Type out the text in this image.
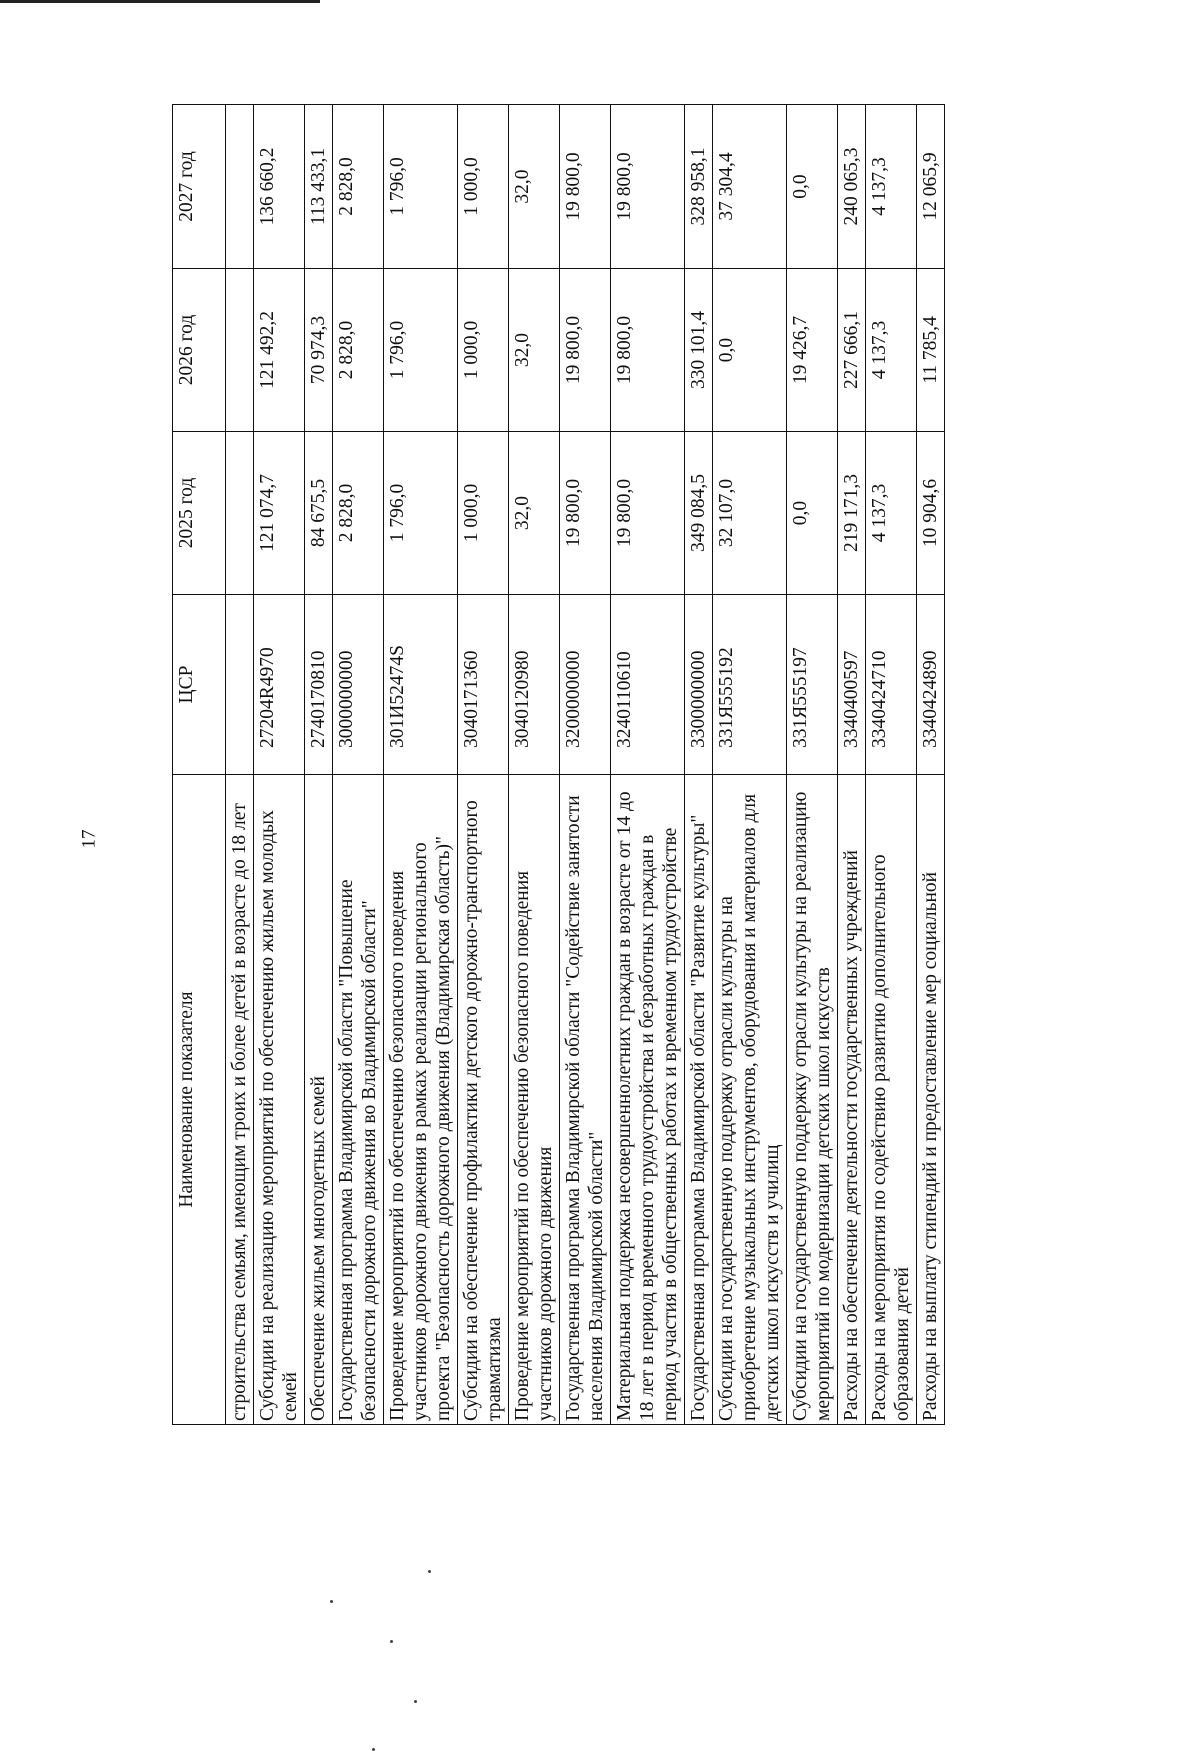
17
Наименование показателя	ЦСР	2025 год	2026 год	2027 год
строительства семьям, имеющим троих и более детей в возрасте до 18 лет				
Субсидии на реализацию мероприятий по обеспечению жильем молодых семей	27204R4970	121 074,7	121 492,2	136 660,2
Обеспечение жильем многодетных семей	2740170810	84 675,5	70 974,3	113 433,1
Государственная программа Владимирской области "Повышение безопасности дорожного движения во Владимирской области"	3000000000	2 828,0	2 828,0	2 828,0
Проведение мероприятий по обеспечению безопасного поведения участников дорожного движения в рамках реализации регионального проекта "Безопасность дорожного движения (Владимирская область)"	301И52474S	1 796,0	1 796,0	1 796,0
Субсидии на обеспечение профилактики детского дорожно-транспортного травматизма	3040171360	1 000,0	1 000,0	1 000,0
Проведение мероприятий по обеспечению безопасного поведения участников дорожного движения	3040120980	32,0	32,0	32,0
Государственная программа Владимирской области "Содействие занятости населения Владимирской области"	3200000000	19 800,0	19 800,0	19 800,0
Материальная поддержка несовершеннолетних граждан в возрасте от 14 до 18 лет в период временного трудоустройства и безработных граждан в период участия в общественных работах и временном трудоустройстве	3240110610	19 800,0	19 800,0	19 800,0
Государственная программа Владимирской области "Развитие культуры"	3300000000	349 084,5	330 101,4	328 958,1
Субсидии на государственную поддержку отрасли культуры на приобретение музыкальных инструментов, оборудования и материалов для детских школ искусств и училищ	331Я555192	32 107,0	0,0	37 304,4
Субсидии на государственную поддержку отрасли культуры на реализацию мероприятий по модернизации детских школ искусств	331Я555197	0,0	19 426,7	0,0
Расходы на обеспечение деятельности государственных учреждений	3340400597	219 171,3	227 666,1	240 065,3
Расходы на мероприятия по содействию развитию дополнительного образования детей	3340424710	4 137,3	4 137,3	4 137,3
Расходы на выплату стипендий и предоставление мер социальной	3340424890	10 904,6	11 785,4	12 065,9
